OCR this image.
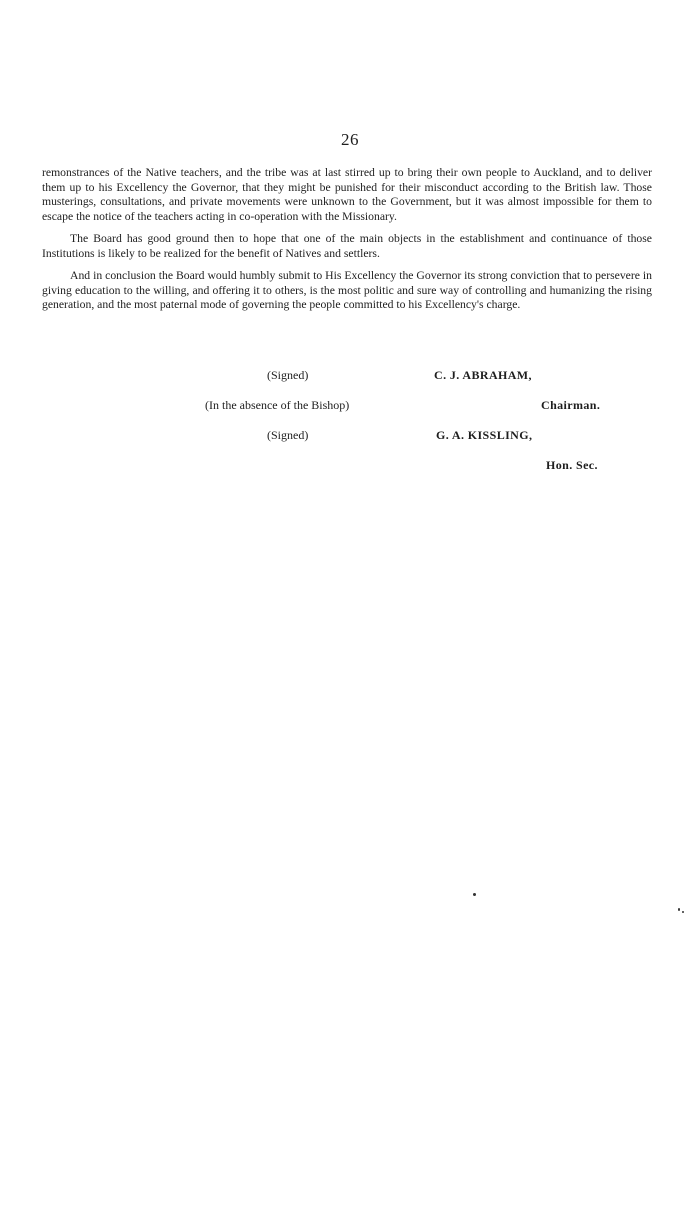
26

remonstrances of the Native teachers, and the tribe was at last stirred up to bring their own people to Auckland, and to deliver them up to his Excellency the Governor, that they might be punished for their misconduct according to the British law. Those musterings, consultations, and private movements were unknown to the Government, but it was almost impossible for them to escape the notice of the teachers acting in co-operation with the Missionary.

The Board has good ground then to hope that one of the main objects in the establishment and continuance of those Institutions is likely to be realized for the benefit of Natives and settlers.

And in conclusion the Board would humbly submit to His Excellency the Governor its strong conviction that to persevere in giving education to the willing, and offering it to others, is the most politic and sure way of controlling and humanizing the rising generation, and the most paternal mode of governing the people committed to his Excellency's charge.

(Signed)	C. J. ABRAHAM,
(In the absence of the Bishop)	Chairman.
(Signed)	G. A. KISSLING,
Hon. Sec.
